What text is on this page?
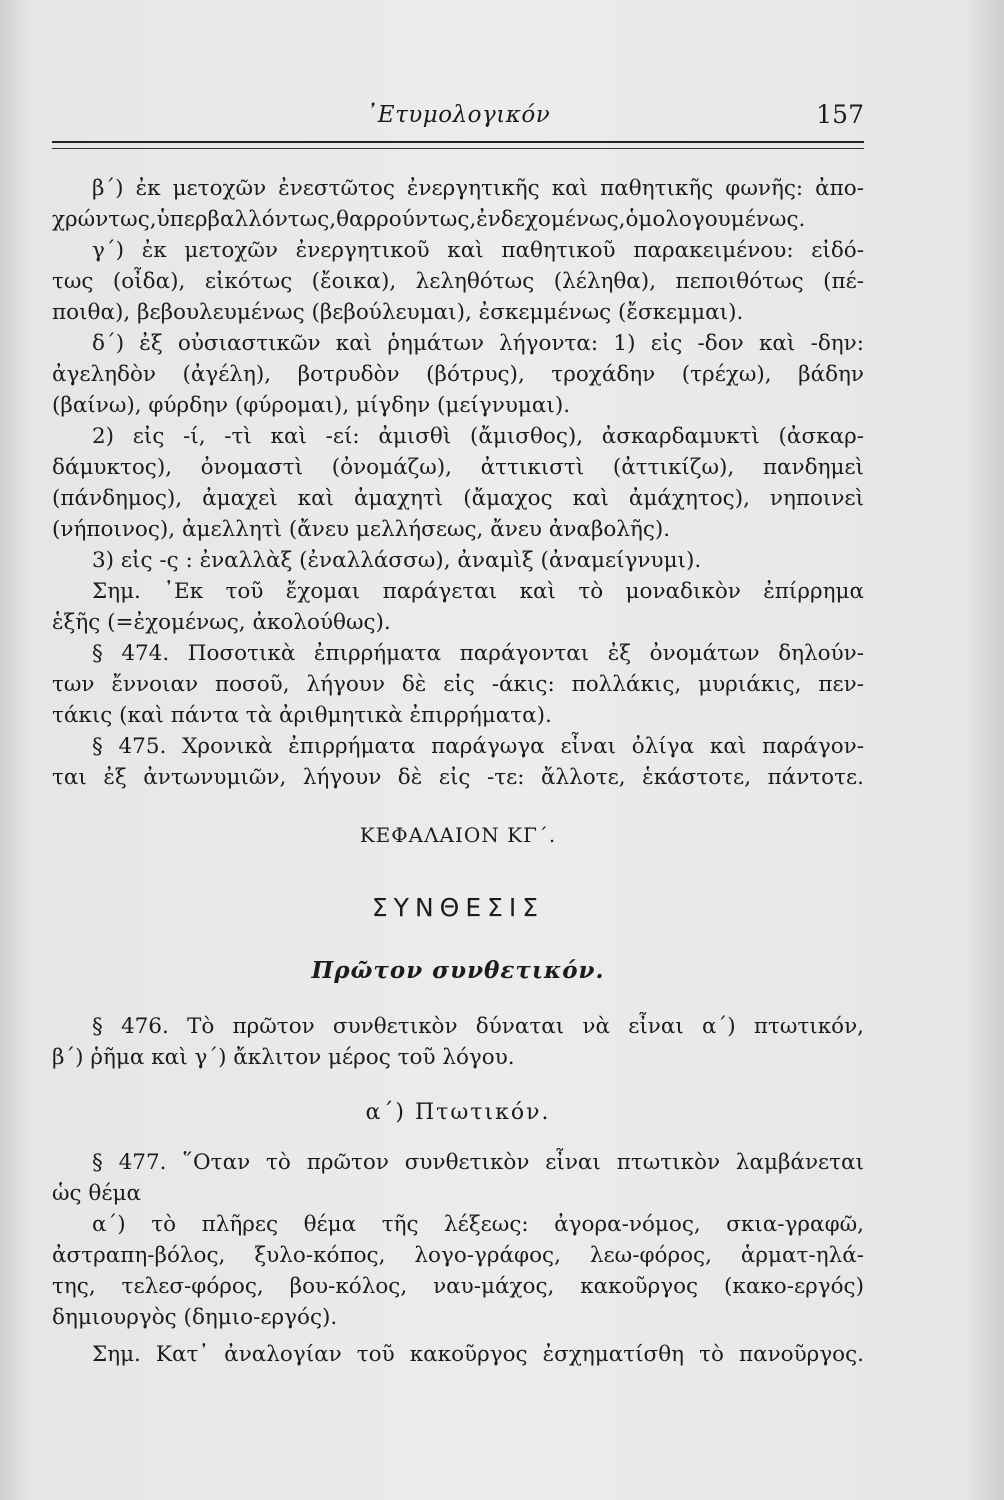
᾽Ετυμολογικόν	157
β΄) ἐκ μετοχῶν ἐνεστῶτος ἐνεργητικῆς καὶ παθητικῆς φωνῆς: ἀπο-
χρώντως,ὑπερβαλλόντως,θαρρούντως,ἐνδεχομένως,ὁμολογουμένως.
γ΄) ἐκ μετοχῶν ἐνεργητικοῦ καὶ παθητικοῦ παρακειμένου: εἰδό-
τως (οἶδα), εἰκότως (ἔοικα), λεληθότως (λέληθα), πεποιθότως (πέ-
ποιθα), βεβουλευμένως (βεβούλευμαι), ἐσκεμμένως (ἔσκεμμαι).
δ΄) ἐξ οὐσιαστικῶν καὶ ῥημάτων λήγοντα: 1) εἰς -δον καὶ -δην:
ἀγεληδὸν (ἀγέλη), βοτρυδὸν (βότρυς), τροχάδην (τρέχω), βάδην
(βαίνω), φύρδην (φύρομαι), μίγδην (μείγνυμαι).
2) εἰς -ί, -τὶ καὶ -εί: ἀμισθὶ (ἄμισθος), ἀσκαρδαμυκτὶ (ἀσκαρ-
δάμυκτος), ὀνομαστὶ (ὀνομάζω), ἀττικιστὶ (ἀττικίζω), πανδημεὶ
(πάνδημος), ἀμαχεὶ καὶ ἀμαχητὶ (ἄμαχος καὶ ἀμάχητος), νηποινεὶ
(νήποινος), ἀμελλητὶ (ἄνευ μελλήσεως, ἄνευ ἀναβολῆς).
3) εἰς -ς : ἐναλλὰξ (ἐναλλάσσω), ἀναμὶξ (ἀναμείγνυμι).
Σημ. ᾽Εκ τοῦ ἔχομαι παράγεται καὶ τὸ μοναδικὸν ἐπίρρημα
ἑξῆς (=ἐχομένως, ἀκολούθως).
§ 474. Ποσοτικὰ ἐπιρρήματα παράγονται ἐξ ὀνομάτων δηλούν-
των ἔννοιαν ποσοῦ, λήγουν δὲ εἰς -άκις: πολλάκις, μυριάκις, πεν-
τάκις (καὶ πάντα τὰ ἀριθμητικὰ ἐπιρρήματα).
§ 475. Χρονικὰ ἐπιρρήματα παράγωγα εἶναι ὀλίγα καὶ παράγον-
ται ἐξ ἀντωνυμιῶν, λήγουν δὲ εἰς -τε: ἄλλοτε, ἑκάστοτε, πάντοτε.
ΚΕΦΑΛΑΙΟΝ ΚΓ΄.
ΣΥΝΘΕΣΙΣ
Πρῶτον συνθετικόν.
§ 476. Τὸ πρῶτον συνθετικὸν δύναται νὰ εἶναι α΄) πτωτικόν,
β΄) ῥῆμα καὶ γ΄) ἄκλιτον μέρος τοῦ λόγου.
α΄) Πτωτικόν.
§ 477. ῞Οταν τὸ πρῶτον συνθετικὸν εἶναι πτωτικὸν λαμβάνεται
ὡς θέμα
α΄) τὸ πλῆρες θέμα τῆς λέξεως: ἀγορα-νόμος, σκια-γραφῶ,
ἀστραπη-βόλος, ξυλο-κόπος, λογο-γράφος, λεω-φόρος, ἁρματ-ηλά-
της, τελεσ-φόρος, βου-κόλος, ναυ-μάχος, κακοῦργος (κακο-εργός)
δημιουργὸς (δημιο-εργός).
Σημ. Κατ᾽ ἀναλογίαν τοῦ κακοῦργος ἐσχηματίσθη τὸ πανοῦργος.
